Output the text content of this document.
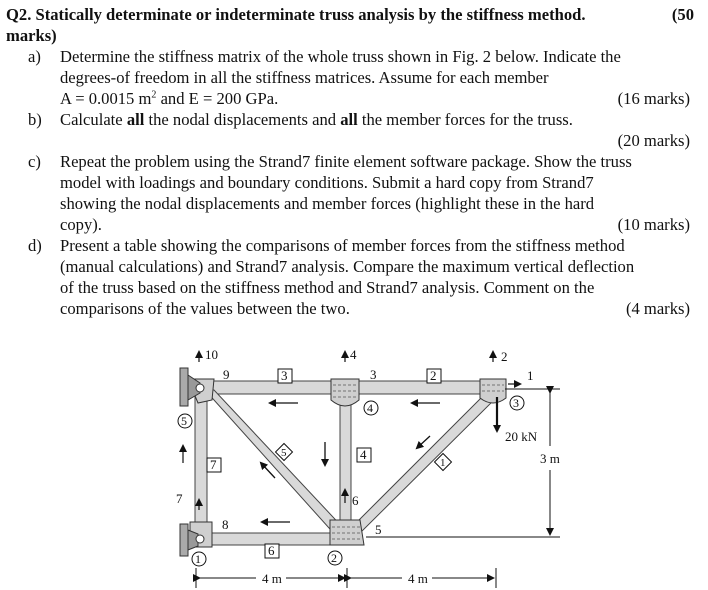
Q2. Statically determinate or indeterminate truss analysis by the stiffness method.	(50
marks)
a) Determine the stiffness matrix of the whole truss shown in Fig. 2 below. Indicate the
degrees-of freedom in all the stiffness matrices. Assume for each member
A = 0.0015 $m^2$ and E = 200 GPa.	(16 marks)
b) Calculate all the nodal displacements and all the member forces for the truss.
(20 marks)
c) Repeat the problem using the Strand7 finite element software package. Show the truss
model with loadings and boundary conditions. Submit a hard copy from Strand7
showing the nodal displacements and member forces (highlight these in the hard
copy).	(10 marks)
d) Present a table showing the comparisons of member forces from the stiffness method
(manual calculations) and Strand7 analysis. Compare the maximum vertical deflection
of the truss based on the stiffness method and Strand7 analysis. Comment on the
comparisons of the values between the two.	(4 marks)
20 kN
3 m
4 m	4 m
10
9
4
3
2
1
7
8
6
5
3	2
7
4
6
5
1
1	2
3
4
5
